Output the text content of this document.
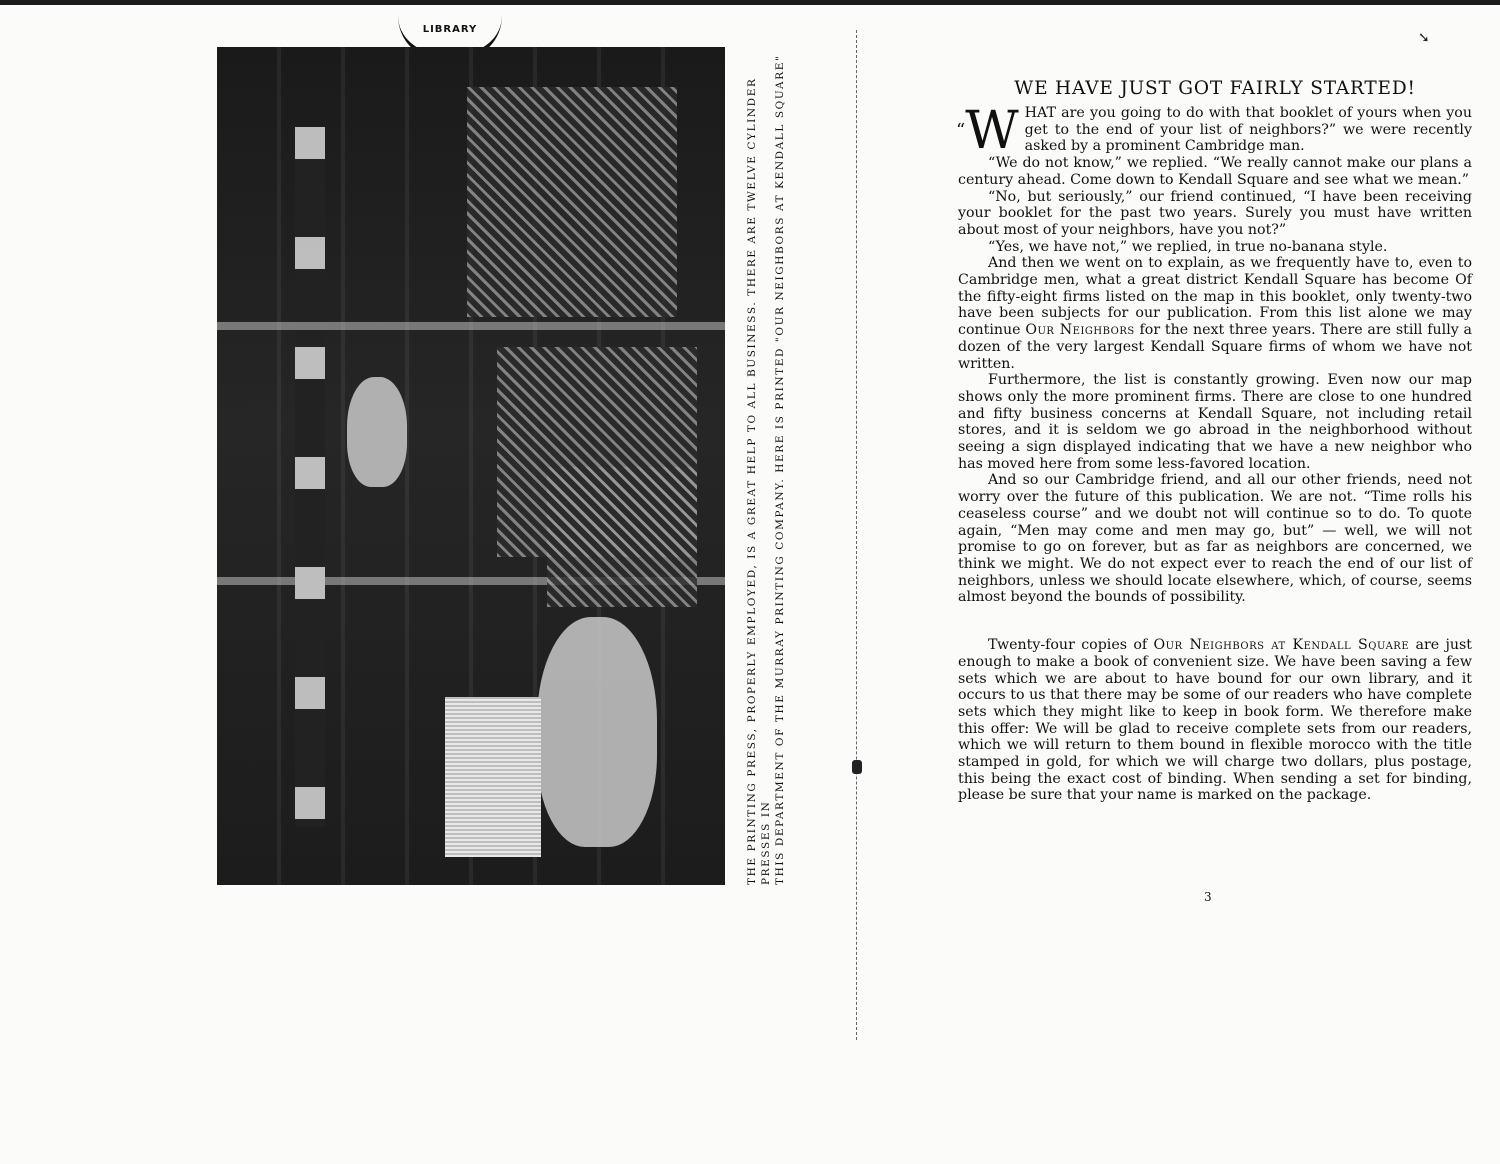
➘
LIBRARY

THE PRINTING PRESS, PROPERLY EMPLOYED, IS A GREAT HELP TO ALL BUSINESS. THERE ARE TWELVE CYLINDER PRESSES IN THIS DEPARTMENT OF THE MURRAY PRINTING COMPANY. HERE IS PRINTED "OUR NEIGHBORS AT KENDALL SQUARE"	WE HAVE JUST GOT FAIRLY STARTED!

“W HAT are you going to do with that booklet of yours when you get to the end of your list of neighbors?” we were recently asked by a prominent Cambridge man.

“We do not know,” we replied. “We really cannot make our plans a century ahead. Come down to Kendall Square and see what we mean.”

“No, but seriously,” our friend continued, “I have been receiving your booklet for the past two years. Surely you must have written about most of your neighbors, have you not?”

“Yes, we have not,” we replied, in true no-banana style.

And then we went on to explain, as we frequently have to, even to Cambridge men, what a great district Kendall Square has become Of the fifty-eight firms listed on the map in this booklet, only twenty-two have been subjects for our publication. From this list alone we may continue Our Neighbors for the next three years. There are still fully a dozen of the very largest Kendall Square firms of whom we have not written.

Furthermore, the list is constantly growing. Even now our map shows only the more prominent firms. There are close to one hundred and fifty business concerns at Kendall Square, not including retail stores, and it is seldom we go abroad in the neighborhood without seeing a sign displayed indicating that we have a new neighbor who has moved here from some less-favored location.

And so our Cambridge friend, and all our other friends, need not worry over the future of this publication. We are not. “Time rolls his ceaseless course” and we doubt not will continue so to do. To quote again, “Men may come and men may go, but” — well, we will not promise to go on forever, but as far as neighbors are concerned, we think we might. We do not expect ever to reach the end of our list of neighbors, unless we should locate elsewhere, which, of course, seems almost beyond the bounds of possibility.

Twenty-four copies of Our Neighbors at Kendall Square are just enough to make a book of convenient size. We have been saving a few sets which we are about to have bound for our own library, and it occurs to us that there may be some of our readers who have complete sets which they might like to keep in book form. We therefore make this offer: We will be glad to receive complete sets from our readers, which we will return to them bound in flexible morocco with the title stamped in gold, for which we will charge two dollars, plus postage, this being the exact cost of binding. When sending a set for binding, please be sure that your name is marked on the package.

3
